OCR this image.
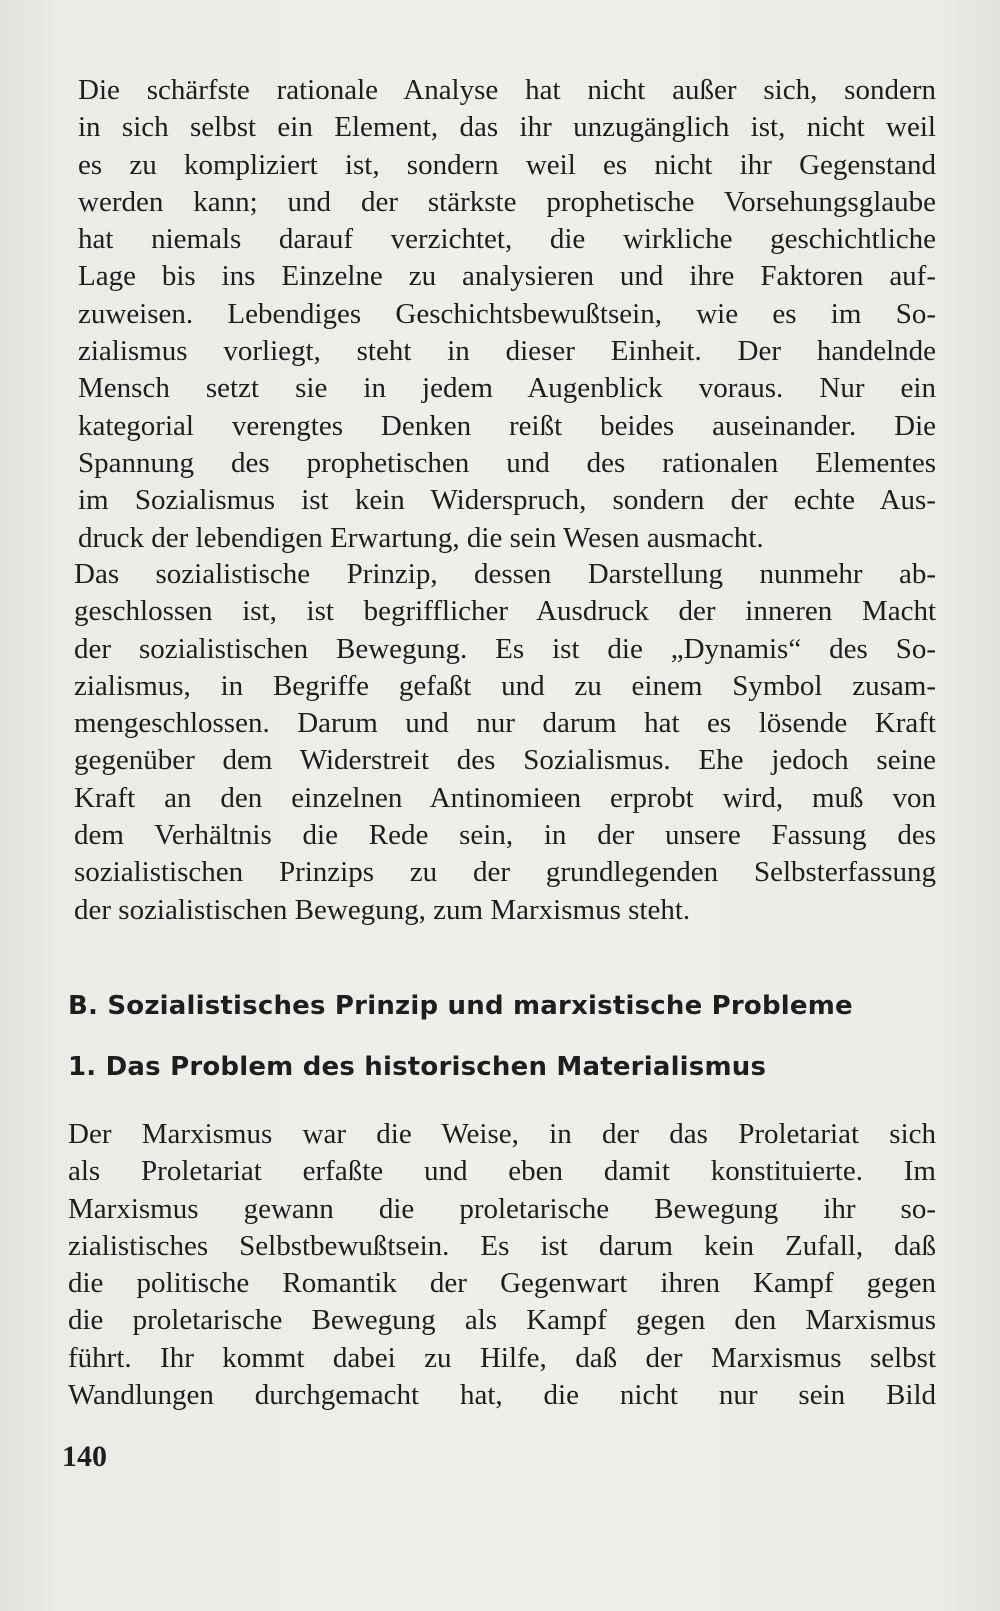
Die schärfste rationale Analyse hat nicht außer sich, sondern
in sich selbst ein Element, das ihr unzugänglich ist, nicht weil
es zu kompliziert ist, sondern weil es nicht ihr Gegenstand
werden kann; und der stärkste prophetische Vorsehungsglaube
hat niemals darauf verzichtet, die wirkliche geschichtliche
Lage bis ins Einzelne zu analysieren und ihre Faktoren auf-
zuweisen. Lebendiges Geschichtsbewußtsein, wie es im So-
zialismus vorliegt, steht in dieser Einheit. Der handelnde
Mensch setzt sie in jedem Augenblick voraus. Nur ein
kategorial verengtes Denken reißt beides auseinander. Die
Spannung des prophetischen und des rationalen Elementes
im Sozialismus ist kein Widerspruch, sondern der echte Aus-
druck der lebendigen Erwartung, die sein Wesen ausmacht.
Das sozialistische Prinzip, dessen Darstellung nunmehr ab-
geschlossen ist, ist begrifflicher Ausdruck der inneren Macht
der sozialistischen Bewegung. Es ist die „Dynamis“ des So-
zialismus, in Begriffe gefaßt und zu einem Symbol zusam-
mengeschlossen. Darum und nur darum hat es lösende Kraft
gegenüber dem Widerstreit des Sozialismus. Ehe jedoch seine
Kraft an den einzelnen Antinomieen erprobt wird, muß von
dem Verhältnis die Rede sein, in der unsere Fassung des
sozialistischen Prinzips zu der grundlegenden Selbsterfassung
der sozialistischen Bewegung, zum Marxismus steht.
B. Sozialistisches Prinzip und marxistische Probleme
1. Das Problem des historischen Materialismus
Der Marxismus war die Weise, in der das Proletariat sich
als Proletariat erfaßte und eben damit konstituierte. Im
Marxismus gewann die proletarische Bewegung ihr so-
zialistisches Selbstbewußtsein. Es ist darum kein Zufall, daß
die politische Romantik der Gegenwart ihren Kampf gegen
die proletarische Bewegung als Kampf gegen den Marxismus
führt. Ihr kommt dabei zu Hilfe, daß der Marxismus selbst
Wandlungen durchgemacht hat, die nicht nur sein Bild
140
